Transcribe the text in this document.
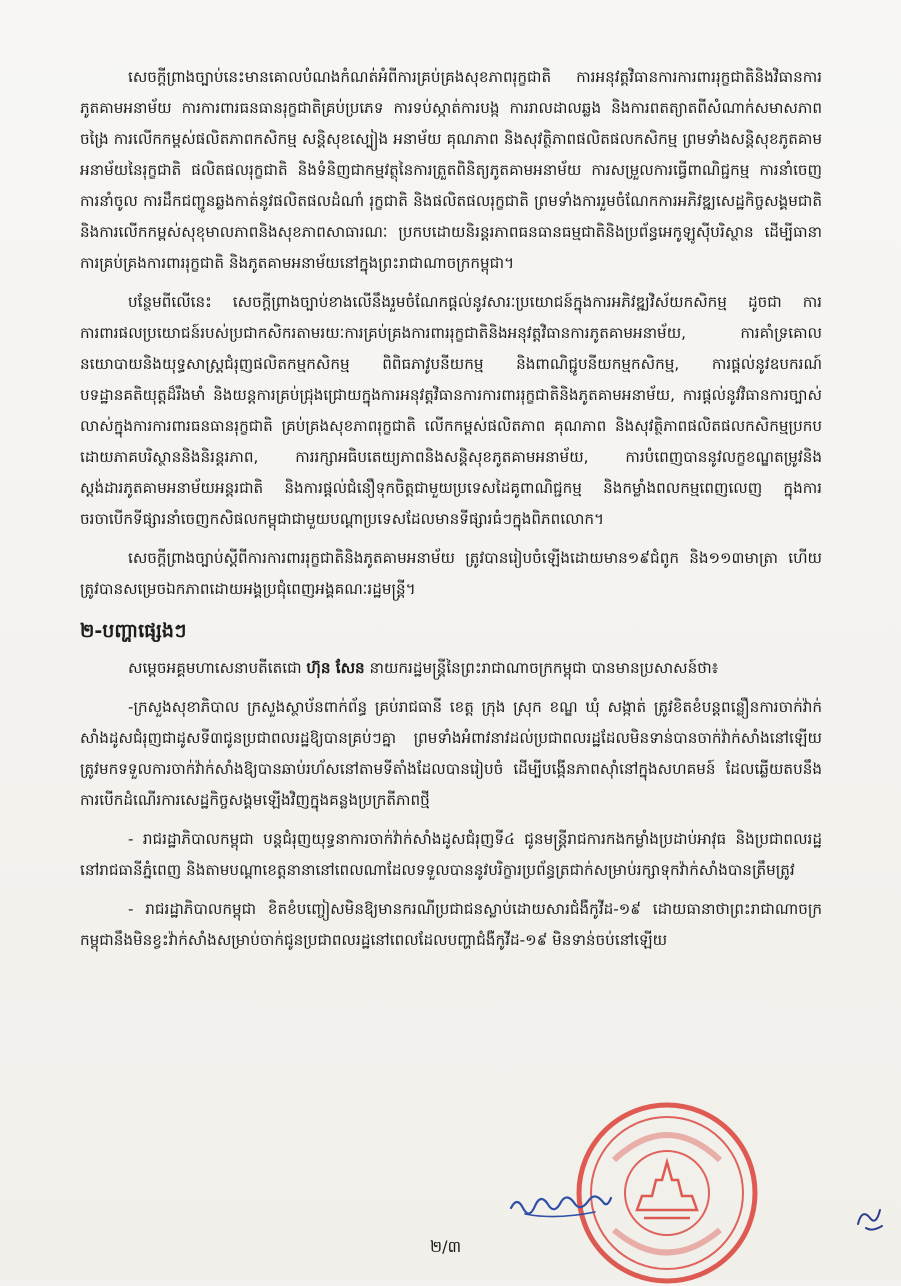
សេចក្តីព្រាងច្បាប់នេះមានគោលបំណងកំណត់អំពីការគ្រប់គ្រងសុខភាពរុក្ខជាតិ ការអនុវត្តវិធានការការពាររុក្ខជាតិនិងវិធានការភូតគាមអនាម័យ ការការពារធនធានរុក្ខជាតិគ្រប់ប្រភេទ ការទប់ស្កាត់ការបង្ក ការរាលដាលឆ្លង និងការពតត្យាតពីសំណាក់សមាសភាពចង្រៃ ការលើកកម្ពស់ផលិតភាពកសិកម្ម សន្តិសុខស្បៀង អនាម័យ គុណភាព និងសុវត្ថិភាពផលិតផលកសិកម្ម ព្រមទាំងសន្តិសុខភូតគាមអនាម័យនៃរុក្ខជាតិ ផលិតផលរុក្ខជាតិ និងទំនិញជាកម្មវត្ថុនៃការត្រួតពិនិត្យភូតគាមអនាម័យ ការសម្រួលការធ្វើពាណិជ្ជកម្ម ការនាំចេញ ការនាំចូល ការដឹកជញ្ជូនឆ្លងកាត់នូវផលិតផលដំណាំ រុក្ខជាតិ និងផលិតផលរុក្ខជាតិ ព្រមទាំងការរួមចំណែកការអភិវឌ្ឍសេដ្ឋកិច្ចសង្គមជាតិនិងការលើកកម្ពស់សុខុមាលភាពនិងសុខភាពសាធារណៈ ប្រកបដោយនិរន្តរភាពធនធានធម្មជាតិនិងប្រព័ន្ធអេកូឡូស៊ីបរិស្ថាន ដើម្បីធានាការគ្រប់គ្រងការពាររុក្ខជាតិ និងភូតគាមអនាម័យនៅក្នុងព្រះរាជាណាចក្រកម្ពុជា។

បន្ថែមពីលើនេះ សេចក្តីព្រាងច្បាប់ខាងលើនឹងរួមចំណែកផ្តល់នូវសារៈប្រយោជន៍ក្នុងការអភិវឌ្ឍវិស័យកសិកម្ម ដូចជា ការការពារផលប្រយោជន៍របស់ប្រជាកសិករតាមរយៈការគ្រប់គ្រងការពាររុក្ខជាតិនិងអនុវត្តវិធានការភូតគាមអនាម័យ, ការគាំទ្រគោលនយោបាយនិងយុទ្ធសាស្រ្តជំរុញផលិតកម្មកសិកម្ម ពិពិធភាវូបនីយកម្ម និងពាណិជ្ជូបនីយកម្មកសិកម្ម, ការផ្តល់នូវឧបករណ៍បទដ្ឋានគតិយុត្តដ៏រឹងមាំ និងយន្តការគ្រប់ជ្រុងជ្រោយក្នុងការអនុវត្តវិធានការការពាររុក្ខជាតិនិងភូតគាមអនាម័យ, ការផ្តល់នូវវិធានការច្បាស់លាស់ក្នុងការការពារធនធានរុក្ខជាតិ គ្រប់គ្រងសុខភាពរុក្ខជាតិ លើកកម្ពស់ផលិតភាព គុណភាព និងសុវត្ថិភាពផលិតផលកសិកម្មប្រកបដោយភាគបរិស្ថាននិងនិរន្តរភាព, ការរក្សាអធិបតេយ្យភាពនិងសន្តិសុខភូតគាមអនាម័យ, ការបំពេញបាននូវលក្ខខណ្ឌតម្រូវនិងស្តង់ដារភូតគាមអនាម័យអន្តរជាតិ និងការផ្តល់ជំនឿទុកចិត្តជាមួយប្រទេសដៃគូពាណិជ្ជកម្ម និងកម្លាំងពលកម្មពេញលេញ ក្នុងការចរចាបើកទីផ្សារនាំចេញកសិផលកម្ពុជាជាមួយបណ្តាប្រទេសដែលមានទីផ្សារធំៗក្នុងពិភពលោក។

សេចក្តីព្រាងច្បាប់ស្តីពីការការពាររុក្ខជាតិនិងភូតគាមអនាម័យ ត្រូវបានរៀបចំឡើងដោយមាន១៩ជំពូក និង១១៣មាត្រា ហើយត្រូវបានសម្រេចឯកភាពដោយអង្គប្រជុំពេញអង្គគណៈរដ្ឋមន្ត្រី។

២-បញ្ហាផ្សេងៗ

សម្តេចអគ្គមហាសេនាបតីតេជោ ហ៊ុន សែន នាយករដ្ឋមន្ត្រីនៃព្រះរាជាណាចក្រកម្ពុជា បានមានប្រសាសន៍ថា៖

-ក្រសួងសុខាភិបាល ក្រសួងស្ថាប័នពាក់ព័ន្ធ គ្រប់រាជធានី ខេត្ត ក្រុង ស្រុក ខណ្ឌ ឃុំ សង្កាត់ ត្រូវខិតខំបន្តពន្លឿនការចាក់វ៉ាក់សាំងដូសជំរុញជាដូសទី៣ជូនប្រជាពលរដ្ឋឱ្យបានគ្រប់ៗគ្នា ព្រមទាំងអំពាវនាវដល់ប្រជាពលរដ្ឋដែលមិនទាន់បានចាក់វ៉ាក់សាំងនៅឡើយ ត្រូវមកទទួលការចាក់វ៉ាក់សាំងឱ្យបានឆាប់រហ័សនៅតាមទីតាំងដែលបានរៀបចំ ដើម្បីបង្កើនភាពស៊ាំនៅក្នុងសហគមន៍ ដែលឆ្លើយតបនឹងការបើកដំណើរការសេដ្ឋកិច្ចសង្គមឡើងវិញក្នុងគន្លងប្រក្រតីភាពថ្មី

- រាជរដ្ឋាភិបាលកម្ពុជា បន្តជំរុញយុទ្ធនាការចាក់វ៉ាក់សាំងដូសជំរុញទី៤ ជូនមន្ត្រីរាជការកងកម្លាំងប្រដាប់អាវុធ និងប្រជាពលរដ្ឋនៅរាជធានីភ្នំពេញ និងតាមបណ្តាខេត្តនានានៅពេលណាដែលទទួលបាននូវបរិក្ខារប្រព័ន្ធត្រជាក់សម្រាប់រក្សាទុកវ៉ាក់សាំងបានត្រឹមត្រូវ

- រាជរដ្ឋាភិបាលកម្ពុជា ខិតខំបញ្ចៀសមិនឱ្យមានករណីប្រជាជនស្លាប់ដោយសារជំងឺកូវីដ-១៩ ដោយធានាថាព្រះរាជាណាចក្រកម្ពុជានឹងមិនខ្វះវ៉ាក់សាំងសម្រាប់ចាក់ជូនប្រជាពលរដ្ឋនៅពេលដែលបញ្ហាជំងឺកូវីដ-១៩ មិនទាន់ចប់នៅឡើយ

២/៣
